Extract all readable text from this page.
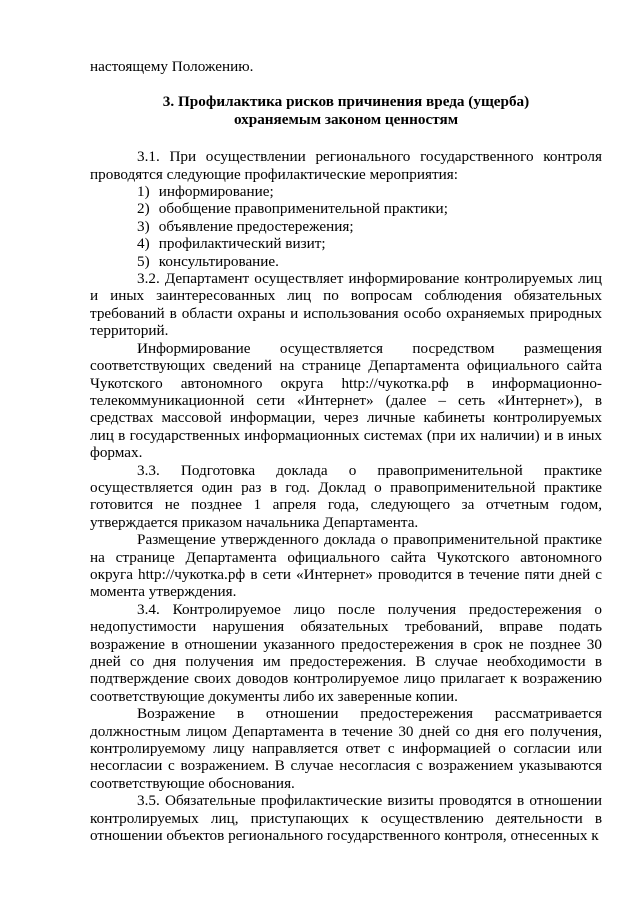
настоящему Положению.

3. Профилактика рисков причинения вреда (ущерба)
охраняемым законом ценностям

3.1. При осуществлении регионального государственного контроля проводятся следующие профилактические мероприятия:

1) информирование;
2) обобщение правоприменительной практики;
3) объявление предостережения;
4) профилактический визит;
5) консультирование.

3.2. Департамент осуществляет информирование контролируемых лиц и иных заинтересованных лиц по вопросам соблюдения обязательных требований в области охраны и использования особо охраняемых природных территорий.

Информирование осуществляется посредством размещения соответствующих сведений на странице Департамента официального сайта Чукотского автономного округа http://чукотка.рф в информационно-телекоммуникационной сети «Интернет» (далее – сеть «Интернет»), в средствах массовой информации, через личные кабинеты контролируемых лиц в государственных информационных системах (при их наличии) и в иных формах.

3.3. Подготовка доклада о правоприменительной практике осуществляется один раз в год. Доклад о правоприменительной практике готовится не позднее 1 апреля года, следующего за отчетным годом, утверждается приказом начальника Департамента.

Размещение утвержденного доклада о правоприменительной практике на странице Департамента официального сайта Чукотского автономного округа http://чукотка.рф в сети «Интернет» проводится в течение пяти дней с момента утверждения.

3.4. Контролируемое лицо после получения предостережения о недопустимости нарушения обязательных требований, вправе подать возражение в отношении указанного предостережения в срок не позднее 30 дней со дня получения им предостережения. В случае необходимости в подтверждение своих доводов контролируемое лицо прилагает к возражению соответствующие документы либо их заверенные копии.

Возражение в отношении предостережения рассматривается должностным лицом Департамента в течение 30 дней со дня его получения, контролируемому лицу направляется ответ с информацией о согласии или несогласии с возражением. В случае несогласия с возражением указываются соответствующие обоснования.

3.5. Обязательные профилактические визиты проводятся в отношении контролируемых лиц, приступающих к осуществлению деятельности в отношении объектов регионального государственного контроля, отнесенных к
